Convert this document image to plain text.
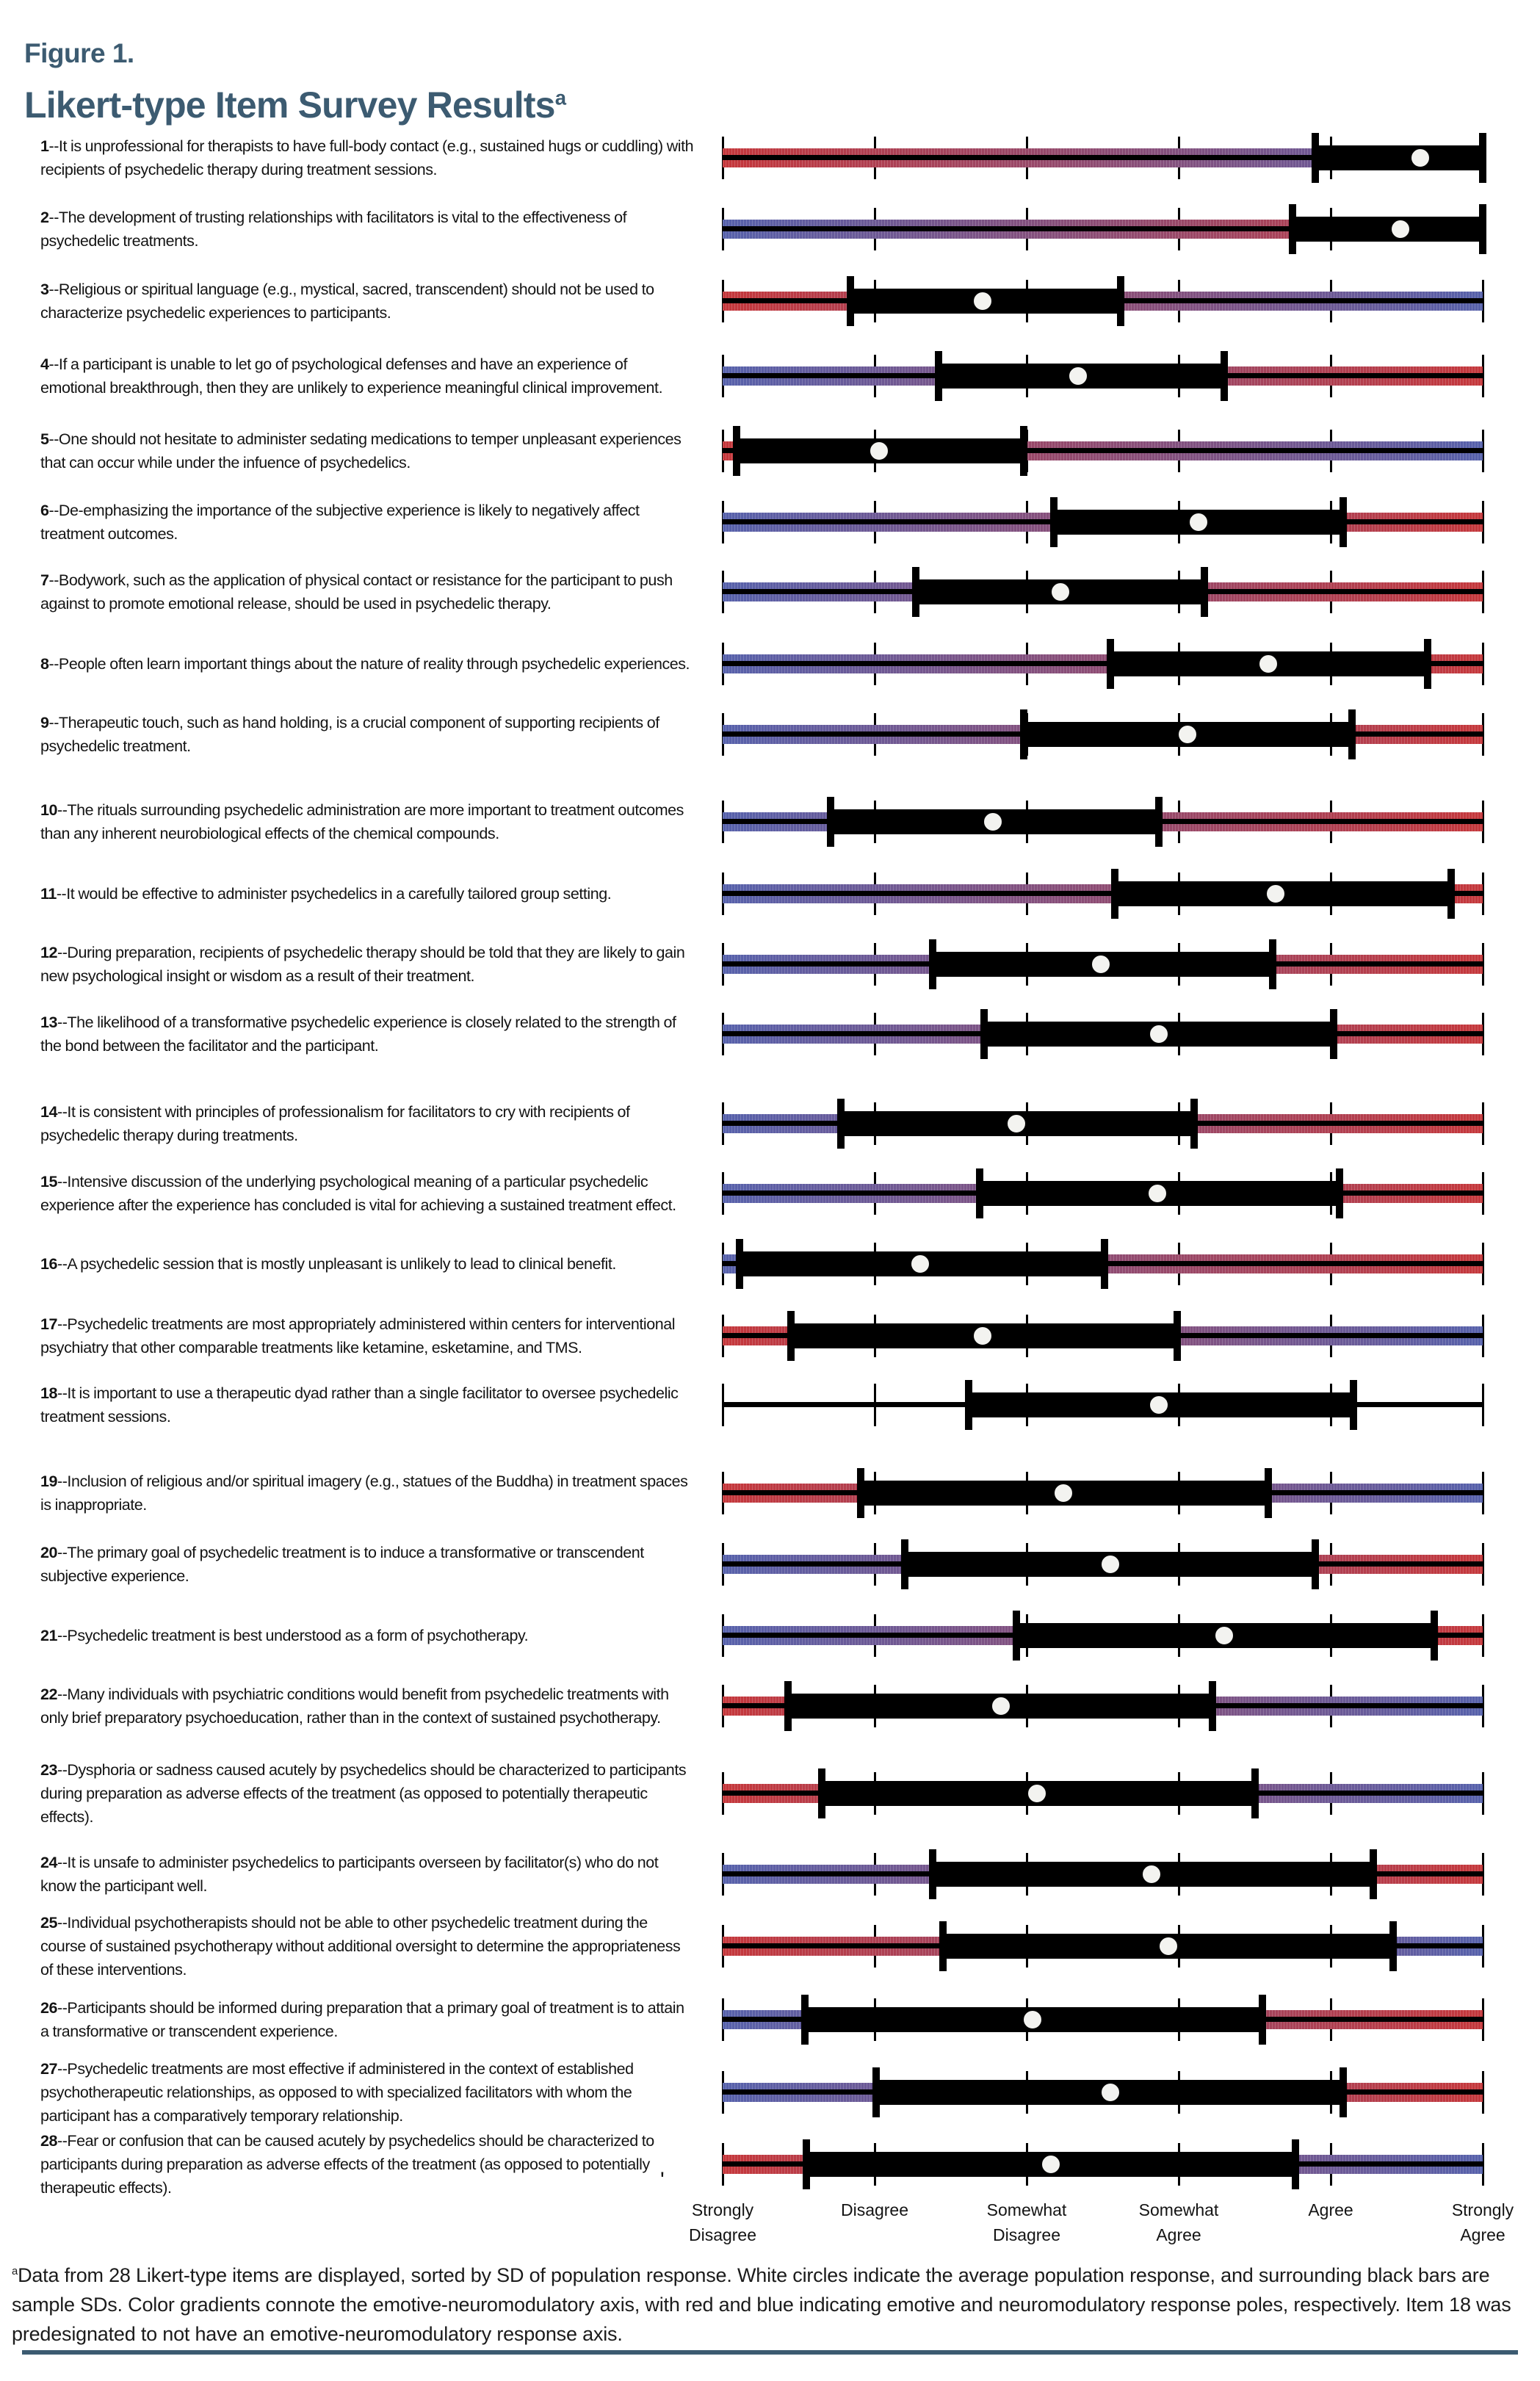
Figure 1.
Likert-type Item Survey Results$^a$
1--It is unprofessional for therapists to have full-body contact (e.g., sustained hugs or cuddling) with recipients of psychedelic therapy during treatment sessions.
2--The development of trusting relationships with facilitators is vital to the effectiveness of psychedelic treatments.
3--Religious or spiritual language (e.g., mystical, sacred, transcendent) should not be used to characterize psychedelic experiences to participants.
4--If a participant is unable to let go of psychological defenses and have an experience of emotional breakthrough, then they are unlikely to experience meaningful clinical improvement.
5--One should not hesitate to administer sedating medications to temper unpleasant experiences that can occur while under the infuence of psychedelics.
6--De-emphasizing the importance of the subjective experience is likely to negatively affect treatment outcomes.
7--Bodywork, such as the application of physical contact or resistance for the participant to push against to promote emotional release, should be used in psychedelic therapy.
8--People often learn important things about the nature of reality through psychedelic experiences.
9--Therapeutic touch, such as hand holding, is a crucial component of supporting recipients of psychedelic treatment.
10--The rituals surrounding psychedelic administration are more important to treatment outcomes than any inherent neurobiological effects of the chemical compounds.
11--It would be effective to administer psychedelics in a carefully tailored group setting.
12--During preparation, recipients of psychedelic therapy should be told that they are likely to gain new psychological insight or wisdom as a result of their treatment.
13--The likelihood of a transformative psychedelic experience is closely related to the strength of the bond between the facilitator and the participant.
14--It is consistent with principles of professionalism for facilitators to cry with recipients of psychedelic therapy during treatments.
15--Intensive discussion of the underlying psychological meaning of a particular psychedelic experience after the experience has concluded is vital for achieving a sustained treatment effect.
16--A psychedelic session that is mostly unpleasant is unlikely to lead to clinical benefit.
17--Psychedelic treatments are most appropriately administered within centers for interventional psychiatry that other comparable treatments like ketamine, esketamine, and TMS.
18--It is important to use a therapeutic dyad rather than a single facilitator to oversee psychedelic treatment sessions.
19--Inclusion of religious and/or spiritual imagery (e.g., statues of the Buddha) in treatment spaces is inappropriate.
20--The primary goal of psychedelic treatment is to induce a transformative or transcendent subjective experience.
21--Psychedelic treatment is best understood as a form of psychotherapy.
22--Many individuals with psychiatric conditions would benefit from psychedelic treatments with only brief preparatory psychoeducation, rather than in the context of sustained psychotherapy.
23--Dysphoria or sadness caused acutely by psychedelics should be characterized to participants during preparation as adverse effects of the treatment (as opposed to potentially therapeutic effects).
24--It is unsafe to administer psychedelics to participants overseen by facilitator(s) who do not know the participant well.
25--Individual psychotherapists should not be able to other psychedelic treatment during the course of sustained psychotherapy without additional oversight to determine the appropriateness of these interventions.
26--Participants should be informed during preparation that a primary goal of treatment is to attain a transformative or transcendent experience.
27--Psychedelic treatments are most effective if administered in the context of established psychotherapeutic relationships, as opposed to with specialized facilitators with whom the participant has a comparatively temporary relationship.
28--Fear or confusion that can be caused acutely by psychedelics should be characterized to participants during preparation as adverse effects of the treatment (as opposed to potentially therapeutic effects).
Strongly
Disagree
Disagree	Somewhat
Disagree
Somewhat
Agree
Agree	Strongly
Agree
'
$^a$Data from 28 Likert-type items are displayed, sorted by SD of population response. White circles indicate the average population response, and surrounding black bars are sample SDs. Color gradients connote the emotive-neuromodulatory axis, with red and blue indicating emotive and neuromodulatory response poles, respectively. Item 18 was predesignated to not have an emotive-neuromodulatory response axis.
